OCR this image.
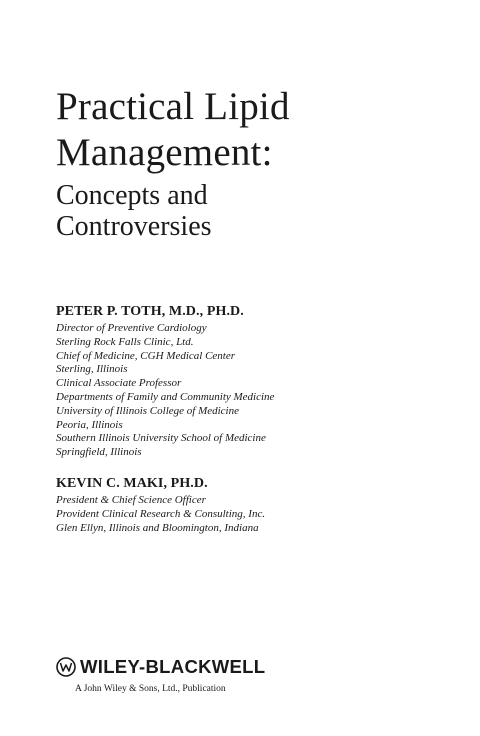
Practical Lipid
Management:
Concepts and
Controversies
PETER P. TOTH, M.D., PH.D.
Director of Preventive Cardiology
Sterling Rock Falls Clinic, Ltd.
Chief of Medicine, CGH Medical Center
Sterling, Illinois
Clinical Associate Professor
Departments of Family and Community Medicine
University of Illinois College of Medicine
Peoria, Illinois
Southern Illinois University School of Medicine
Springfield, Illinois
KEVIN C. MAKI, PH.D.
President & Chief Science Officer
Provident Clinical Research & Consulting, Inc.
Glen Ellyn, Illinois and Bloomington, Indiana
WILEY-BLACKWELL
A John Wiley & Sons, Ltd., Publication
